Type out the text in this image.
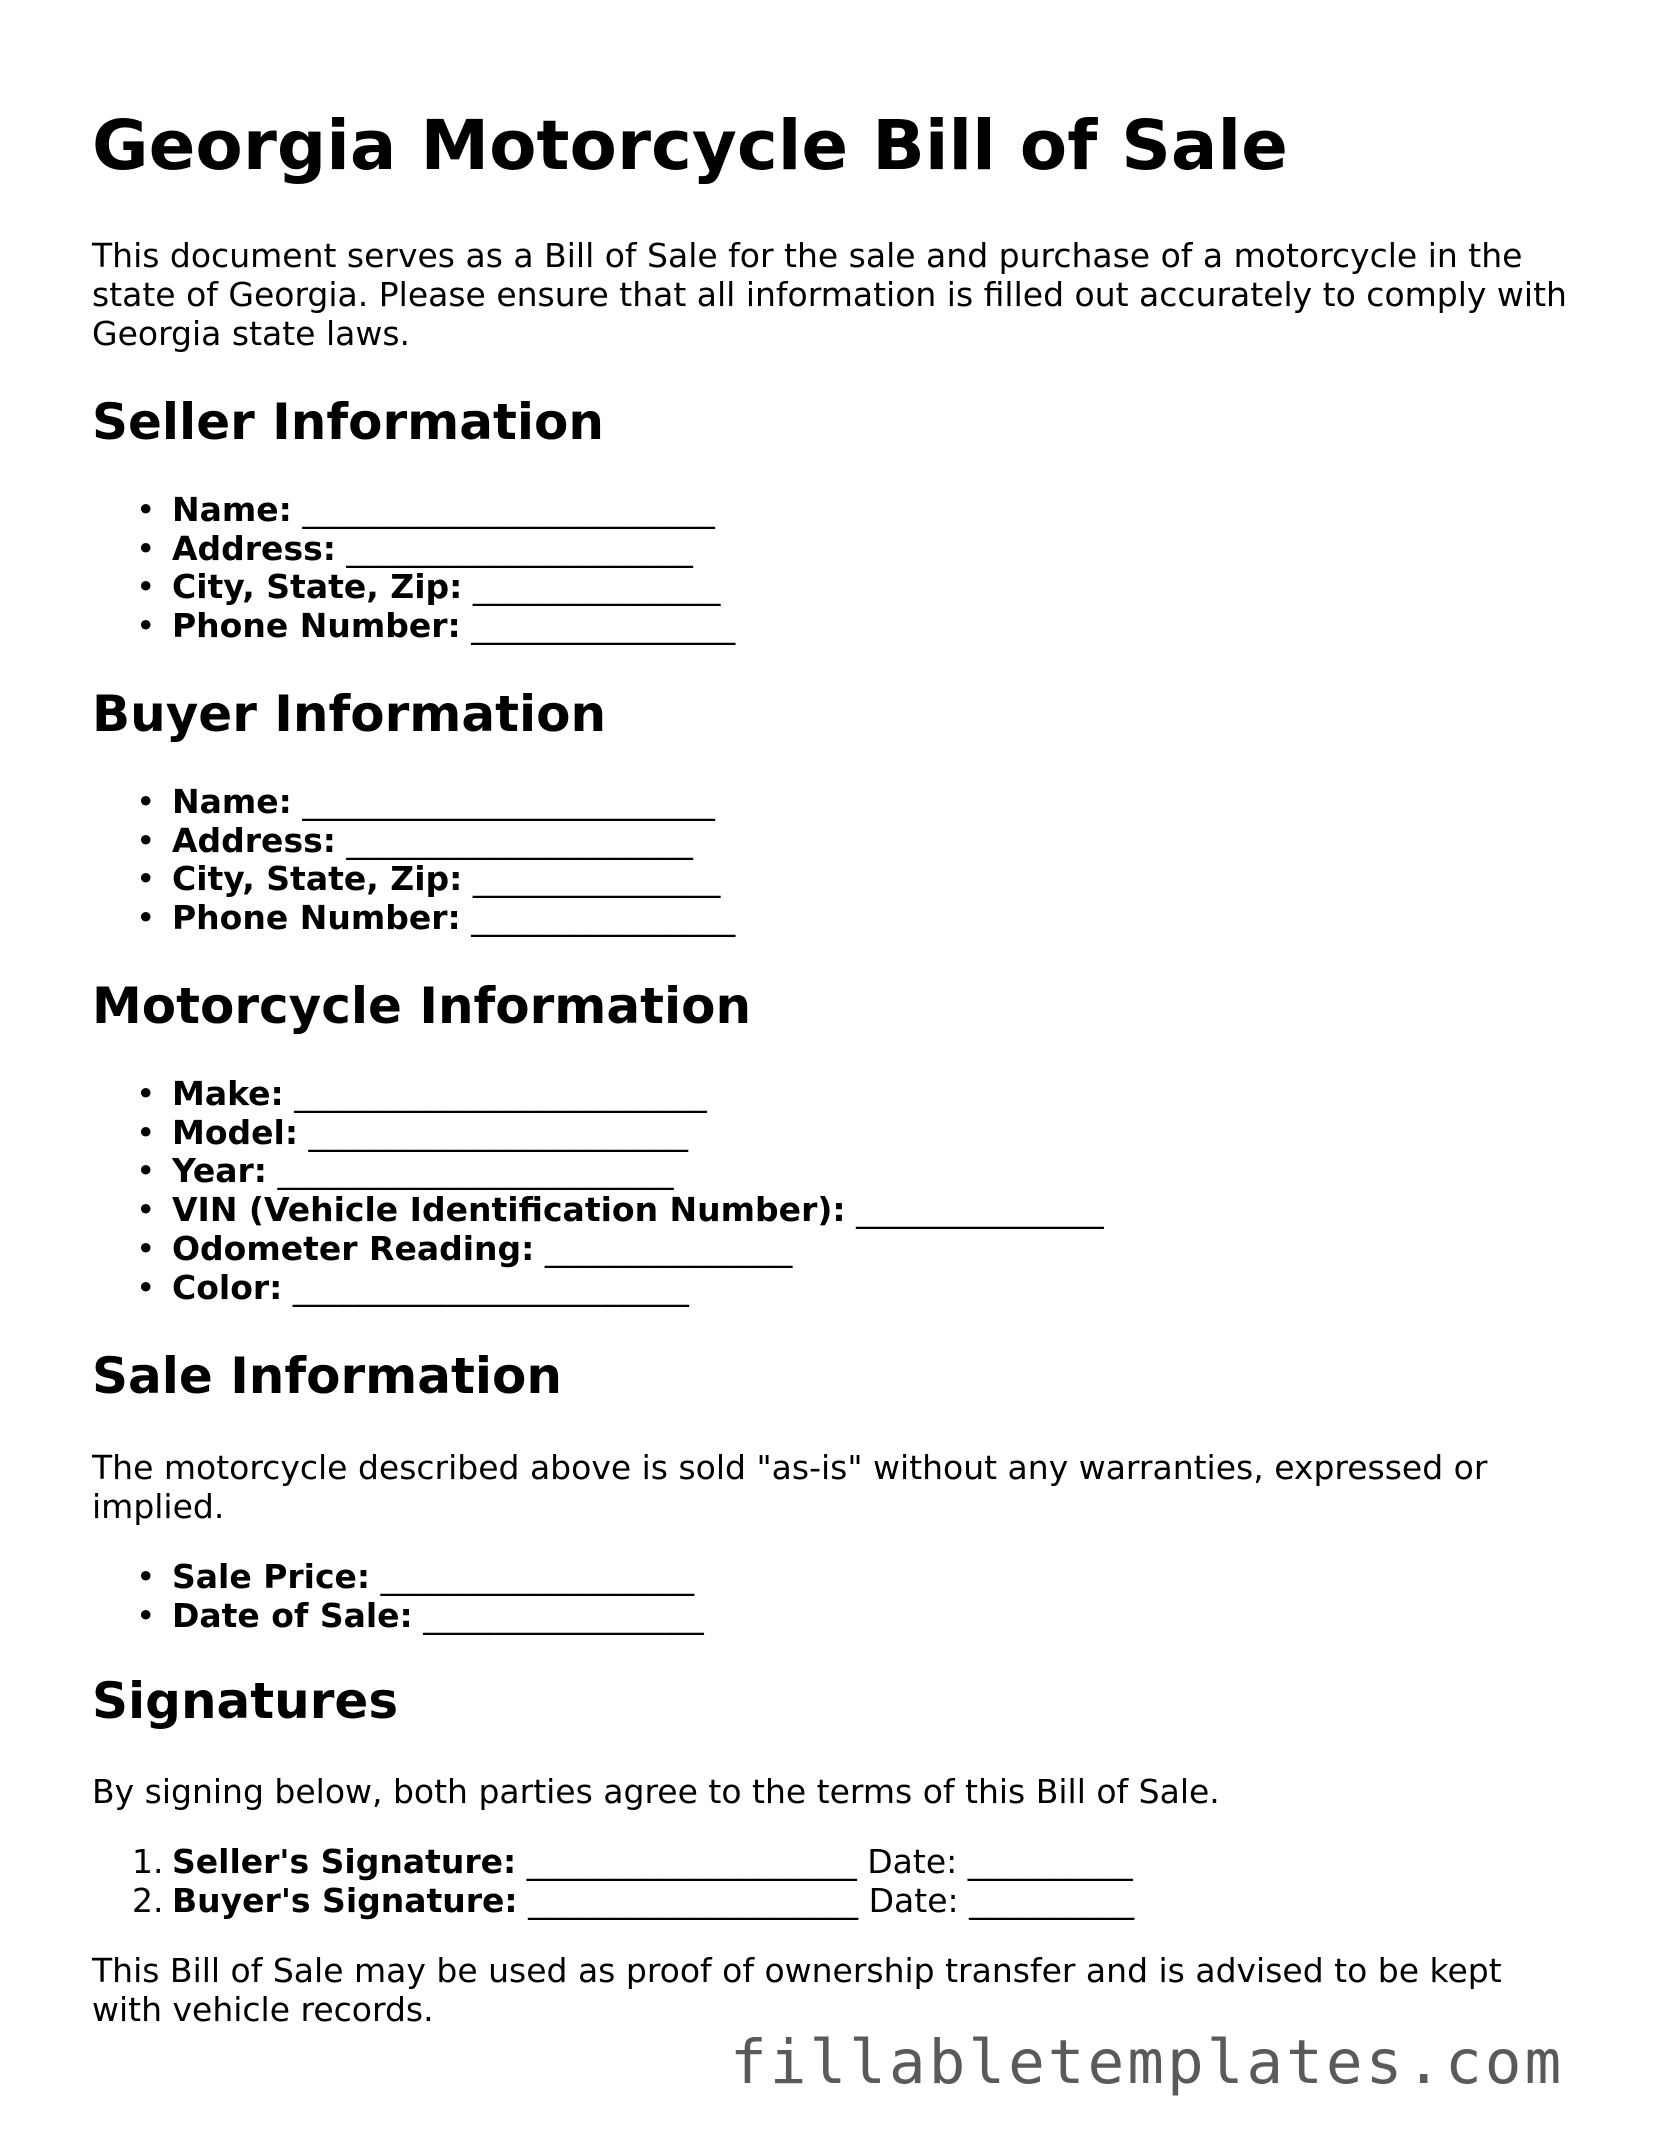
Georgia Motorcycle Bill of Sale

This document serves as a Bill of Sale for the sale and purchase of a motorcycle in the state of Georgia. Please ensure that all information is filled out accurately to comply with Georgia state laws.

Seller Information
• Name: _________________________
• Address: _____________________
• City, State, Zip: _______________
• Phone Number: ________________
Buyer Information
• Name: _________________________
• Address: _____________________
• City, State, Zip: _______________
• Phone Number: ________________
Motorcycle Information
• Make: _________________________
• Model: _______________________
• Year: ________________________
• VIN (Vehicle Identification Number): _______________
• Odometer Reading: _______________
• Color: ________________________
Sale Information

The motorcycle described above is sold "as-is" without any warranties, expressed or implied.

• Sale Price: ___________________
• Date of Sale: _________________
Signatures

By signing below, both parties agree to the terms of this Bill of Sale.

1. Seller's Signature: ____________________ Date: __________
2. Buyer's Signature: ____________________ Date: __________

This Bill of Sale may be used as proof of ownership transfer and is advised to be kept with vehicle records.

fillabletemplates.com
